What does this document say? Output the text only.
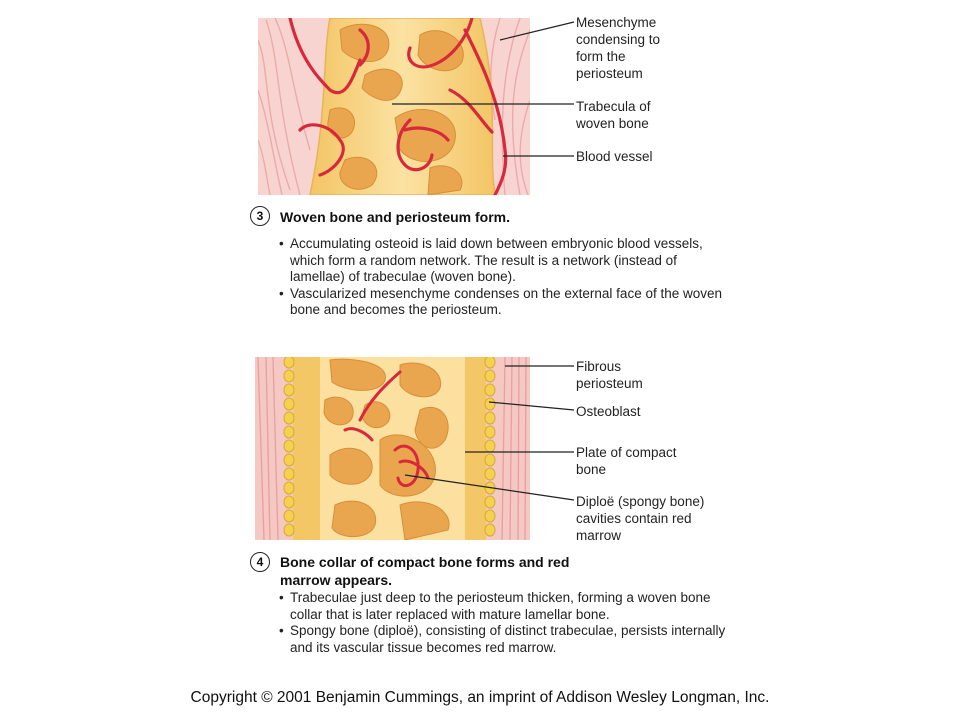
Mesenchyme condensing to form the periosteum
Trabecula of woven bone
Blood vessel
3	Woven bone and periosteum form.
• Accumulating osteoid is laid down between embryonic blood vessels, which form a random network. The result is a network (instead of lamellae) of trabeculae (woven bone).
• Vascularized mesenchyme condenses on the external face of the woven bone and becomes the periosteum.
Fibrous periosteum
Osteoblast
Plate of compact bone
Diploë (spongy bone) cavities contain red marrow
4	Bone collar of compact bone forms and red marrow appears.
• Trabeculae just deep to the periosteum thicken, forming a woven bone collar that is later replaced with mature lamellar bone.
• Spongy bone (diploë), consisting of distinct trabeculae, persists internally and its vascular tissue becomes red marrow.
Copyright © 2001 Benjamin Cummings, an imprint of Addison Wesley Longman, Inc.
